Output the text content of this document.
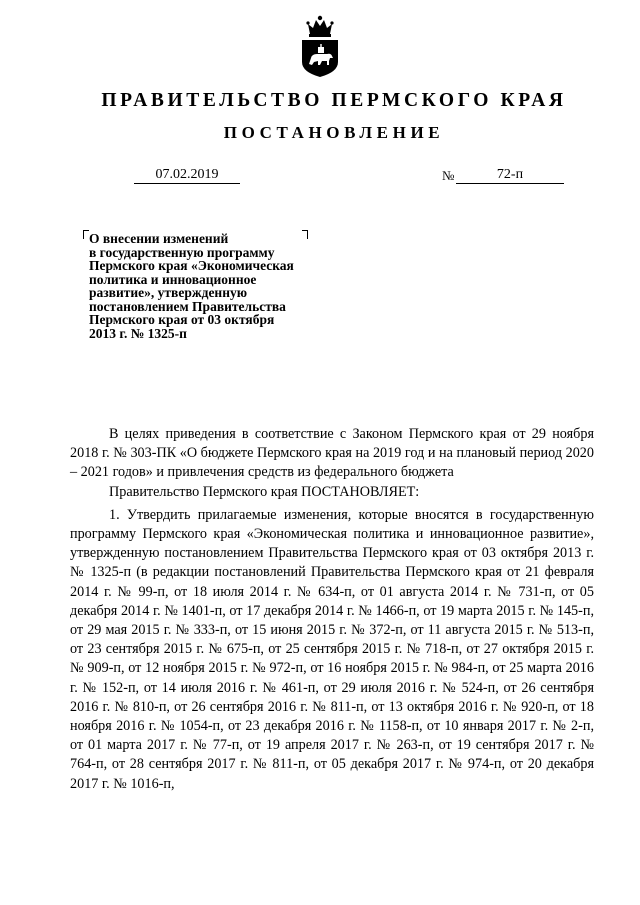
ПРАВИТЕЛЬСТВО ПЕРМСКОГО КРАЯ
ПОСТАНОВЛЕНИЕ
07.02.2019	№	72-п
О внесении изменений
в государственную программу
Пермского края «Экономическая
политика и инновационное
развитие», утвержденную
постановлением Правительства
Пермского края от 03 октября
2013 г. № 1325-п

В целях приведения в соответствие с Законом Пермского края от 29 ноября 2018 г. № 303-ПК «О бюджете Пермского края на 2019 год и на плановый период 2020 – 2021 годов» и привлечения средств из федерального бюджета

Правительство Пермского края ПОСТАНОВЛЯЕТ:

1. Утвердить прилагаемые изменения, которые вносятся в государственную программу Пермского края «Экономическая политика и инновационное развитие», утвержденную постановлением Правительства Пермского края от 03 октября 2013 г. № 1325-п (в редакции постановлений Правительства Пермского края от 21 февраля 2014 г. № 99-п, от 18 июля 2014 г. № 634-п, от 01 августа 2014 г. № 731-п, от 05 декабря 2014 г. № 1401-п, от 17 декабря 2014 г. № 1466-п, от 19 марта 2015 г. № 145-п, от 29 мая 2015 г. № 333-п, от 15 июня 2015 г. № 372-п, от 11 августа 2015 г. № 513-п, от 23 сентября 2015 г. № 675-п, от 25 сентября 2015 г. № 718-п, от 27 октября 2015 г. № 909-п, от 12 ноября 2015 г. № 972-п, от 16 ноября 2015 г. № 984-п, от 25 марта 2016 г. № 152-п, от 14 июля 2016 г. № 461-п, от 29 июля 2016 г. № 524-п, от 26 сентября 2016 г. № 810-п, от 26 сентября 2016 г. № 811-п, от 13 октября 2016 г. № 920-п, от 18 ноября 2016 г. № 1054-п, от 23 декабря 2016 г. № 1158-п, от 10 января 2017 г. № 2-п, от 01 марта 2017 г. № 77-п, от 19 апреля 2017 г. № 263-п, от 19 сентября 2017 г. № 764-п, от 28 сентября 2017 г. № 811-п, от 05 декабря 2017 г. № 974-п, от 20 декабря 2017 г. № 1016-п,
